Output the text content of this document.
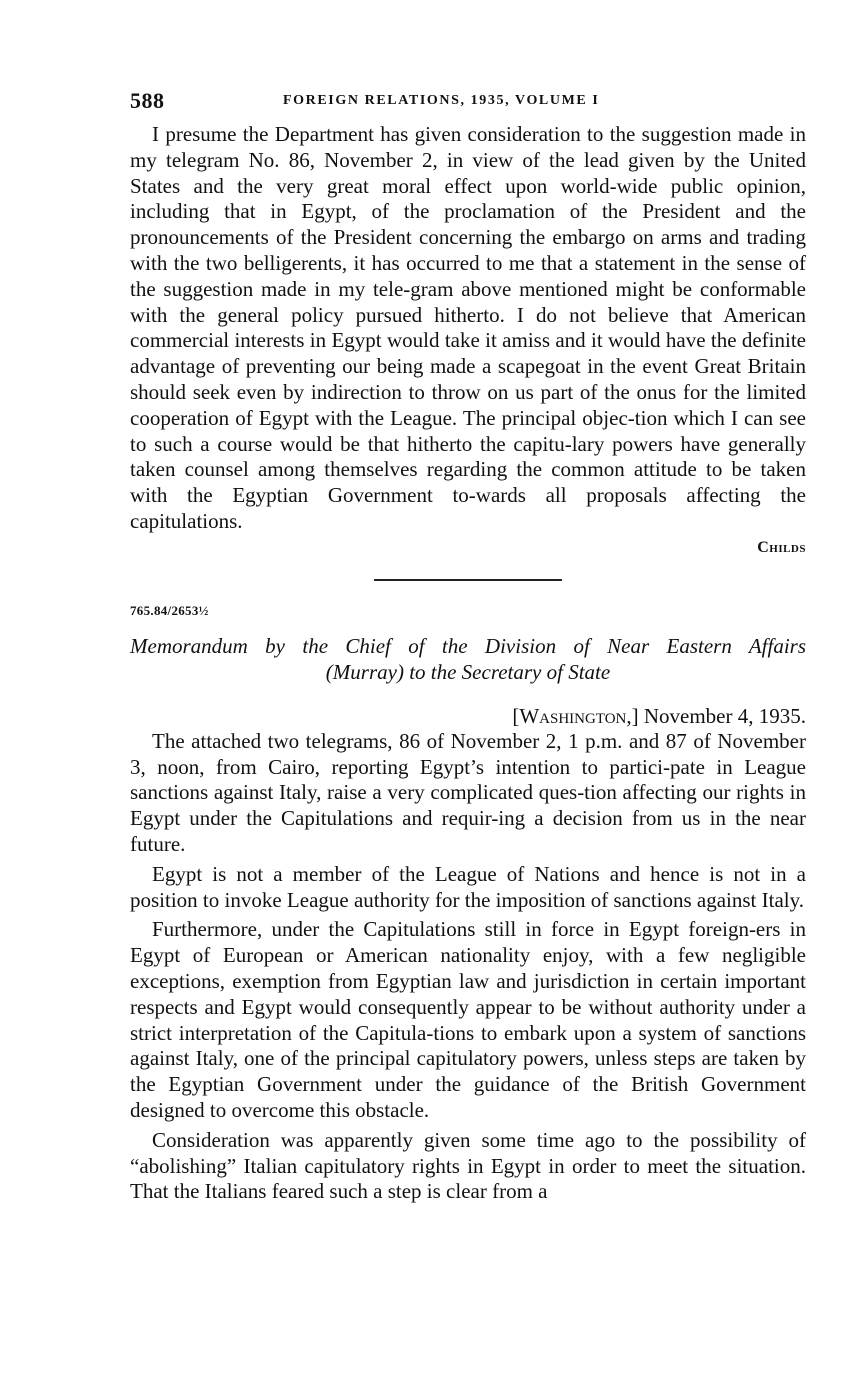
588	FOREIGN RELATIONS, 1935, VOLUME I

I presume the Department has given consideration to the suggestion made in my telegram No. 86, November 2, in view of the lead given by the United States and the very great moral effect upon world-wide public opinion, including that in Egypt, of the proclamation of the President and the pronouncements of the President concerning the embargo on arms and trading with the two belligerents, it has occurred to me that a statement in the sense of the suggestion made in my tele-gram above mentioned might be conformable with the general policy pursued hitherto. I do not believe that American commercial interests in Egypt would take it amiss and it would have the definite advantage of preventing our being made a scapegoat in the event Great Britain should seek even by indirection to throw on us part of the onus for the limited cooperation of Egypt with the League. The principal objec-tion which I can see to such a course would be that hitherto the capitu-lary powers have generally taken counsel among themselves regarding the common attitude to be taken with the Egyptian Government to-wards all proposals affecting the capitulations.

Childs
765.84/2653½
Memorandum by the Chief of the Division of Near Eastern Affairs
(Murray) to the Secretary of State
[Washington,] November 4, 1935.

The attached two telegrams, 86 of November 2, 1 p.m. and 87 of November 3, noon, from Cairo, reporting Egypt’s intention to partici-pate in League sanctions against Italy, raise a very complicated ques-tion affecting our rights in Egypt under the Capitulations and requir-ing a decision from us in the near future.

Egypt is not a member of the League of Nations and hence is not in a position to invoke League authority for the imposition of sanctions against Italy.

Furthermore, under the Capitulations still in force in Egypt foreign-ers in Egypt of European or American nationality enjoy, with a few negligible exceptions, exemption from Egyptian law and jurisdiction in certain important respects and Egypt would consequently appear to be without authority under a strict interpretation of the Capitula-tions to embark upon a system of sanctions against Italy, one of the principal capitulatory powers, unless steps are taken by the Egyptian Government under the guidance of the British Government designed to overcome this obstacle.

Consideration was apparently given some time ago to the possibility of “abolishing” Italian capitulatory rights in Egypt in order to meet the situation. That the Italians feared such a step is clear from a
